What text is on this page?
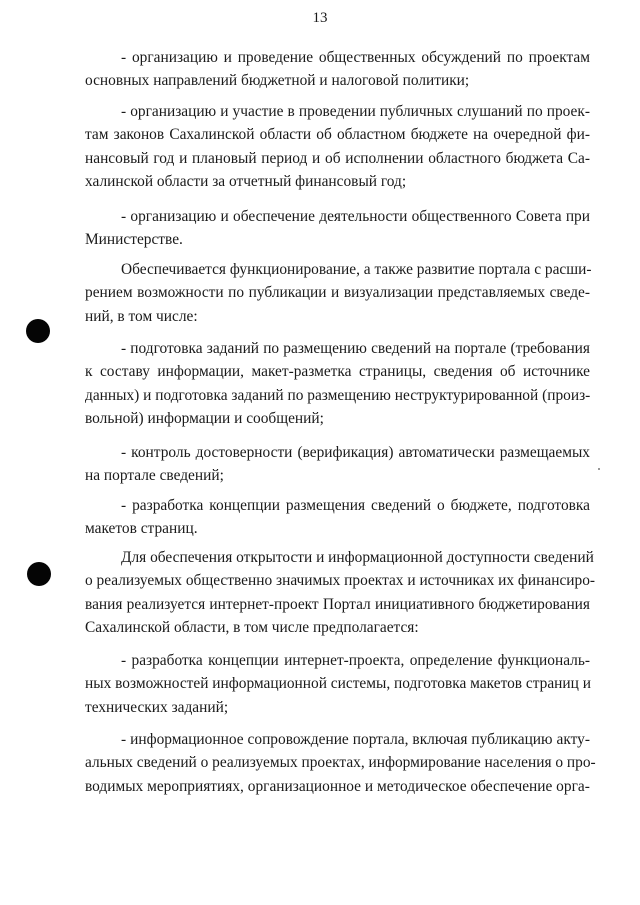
13
- организацию и проведение общественных обсуждений по проектам
основных направлений бюджетной и налоговой политики;
- организацию и участие в проведении публичных слушаний по проек-
там законов Сахалинской области об областном бюджете на очередной фи-
нансовый год и плановый период и об исполнении областного бюджета Са-
халинской области за отчетный финансовый год;
- организацию и обеспечение деятельности общественного Совета при
Министерстве.
Обеспечивается функционирование, а также развитие портала с расши-
рением возможности по публикации и визуализации представляемых сведе-
ний, в том числе:
- подготовка заданий по размещению сведений на портале (требования
к составу информации, макет-разметка страницы, сведения об источнике
данных) и подготовка заданий по размещению неструктурированной (произ-
вольной) информации и сообщений;
- контроль достоверности (верификация) автоматически размещаемых
на портале сведений;
- разработка концепции размещения сведений о бюджете, подготовка
макетов страниц.
Для обеспечения открытости и информационной доступности сведений
о реализуемых общественно значимых проектах и источниках их финансиро-
вания реализуется интернет-проект Портал инициативного бюджетирования
Сахалинской области, в том числе предполагается:
- разработка концепции интернет-проекта, определение функциональ-
ных возможностей информационной системы, подготовка макетов страниц и
технических заданий;
- информационное сопровождение портала, включая публикацию акту-
альных сведений о реализуемых проектах, информирование населения о про-
водимых мероприятиях, организационное и методическое обеспечение орга-
